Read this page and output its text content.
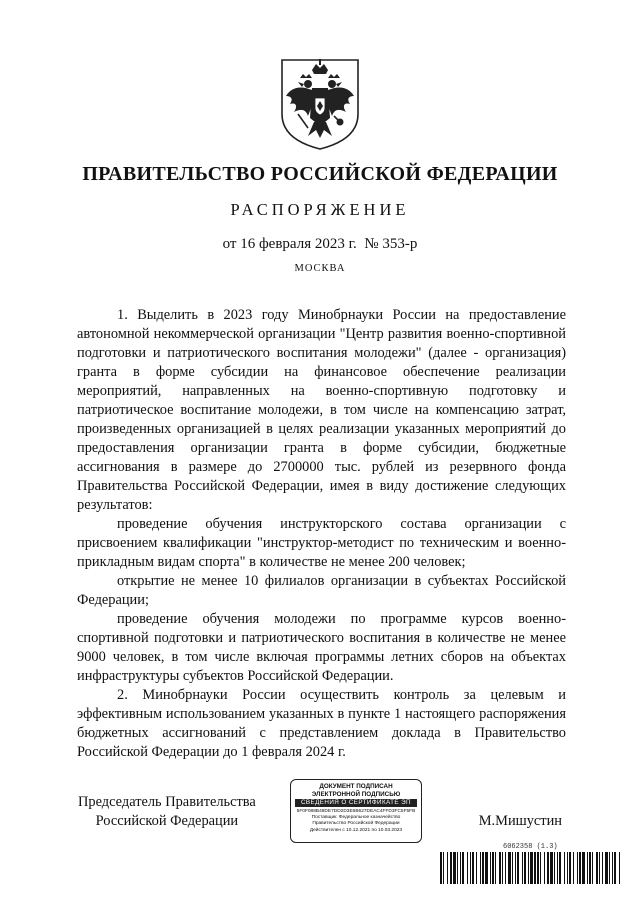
ПРАВИТЕЛЬСТВО РОССИЙСКОЙ ФЕДЕРАЦИИ
РАСПОРЯЖЕНИЕ
от 16 февраля 2023 г.  № 353-р
МОСКВА

1. Выделить в 2023 году Минобрнауки России на предоставление автономной некоммерческой организации "Центр развития военно-спортивной подготовки и патриотического воспитания молодежи" (далее - организация) гранта в форме субсидии на финансовое обеспечение реализации мероприятий, направленных на военно-спортивную подготовку и патриотическое воспитание молодежи, в том числе на компенсацию затрат, произведенных организацией в целях реализации указанных мероприятий до предоставления организации гранта в форме субсидии, бюджетные ассигнования в размере до 2700000 тыс. рублей из резервного фонда Правительства Российской Федерации, имея в виду достижение следующих результатов:

проведение обучения инструкторского состава организации с присвоением квалификации "инструктор-методист по техническим и военно-прикладным видам спорта" в количестве не менее 200 человек;

открытие не менее 10 филиалов организации в субъектах Российской Федерации;

проведение обучения молодежи по программе курсов военно-спортивной подготовки и патриотического воспитания в количестве не менее 9000 человек, в том числе включая программы летних сборов на объектах инфраструктуры субъектов Российской Федерации.

2. Минобрнауки России осуществить контроль за целевым и эффективным использованием указанных в пункте 1 настоящего распоряжения бюджетных ассигнований с представлением доклада в Правительство Российской Федерации до 1 февраля 2024 г.

Председатель Правительства
Российской Федерации
ДОКУМЕНТ ПОДПИСАН
ЭЛЕКТРОННОЙ ПОДПИСЬЮ
СВЕДЕНИЯ О СЕРТИФИКАТЕ ЭП
5F0F088B48DE7DD2D3E6B627DEAC4FFD3FC5F5FB
Поставщик: Федеральное казначейство
Правительство Российской Федерации
Действителен с 10.12.2021 по 10.03.2023
М.Мишустин
6062358 (1.3)
